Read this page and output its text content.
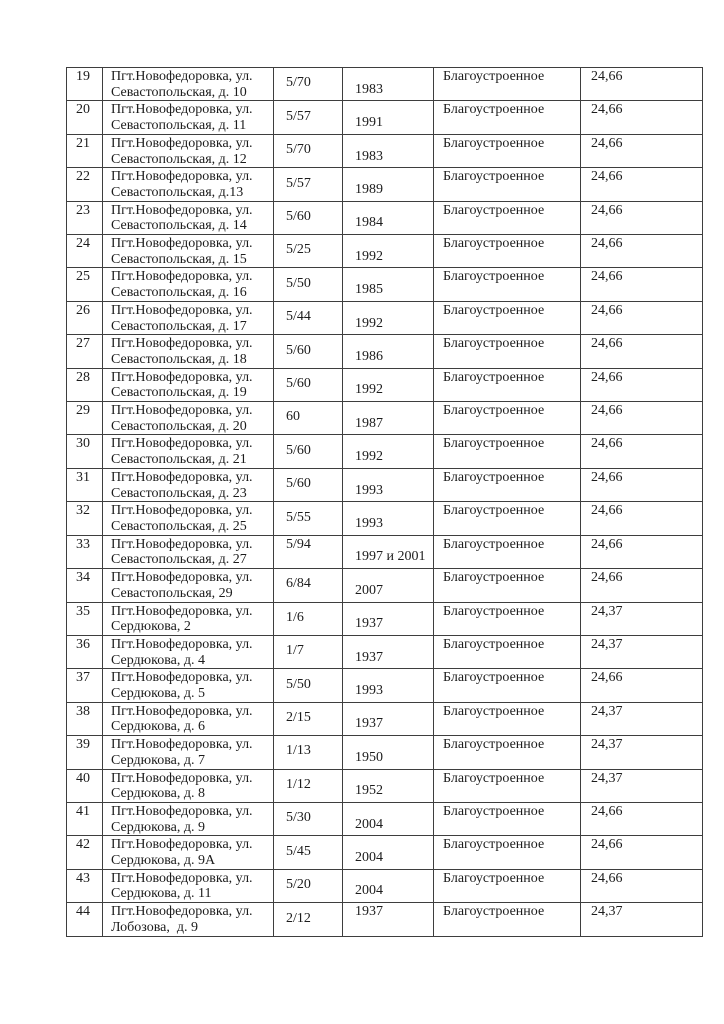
19	Пгт.Новофедоровка, ул.
Севастопольская, д. 10	5/70	1983	Благоустроенное	24,66

20	Пгт.Новофедоровка, ул.
Севастопольская, д. 11	5/57	1991	Благоустроенное	24,66

21	Пгт.Новофедоровка, ул.
Севастопольская, д. 12	5/70	1983	Благоустроенное	24,66

22	Пгт.Новофедоровка, ул.
Севастопольская, д.13	5/57	1989	Благоустроенное	24,66

23	Пгт.Новофедоровка, ул.
Севастопольская, д. 14	5/60	1984	Благоустроенное	24,66

24	Пгт.Новофедоровка, ул.
Севастопольская, д. 15	5/25	1992	Благоустроенное	24,66

25	Пгт.Новофедоровка, ул.
Севастопольская, д. 16	5/50	1985	Благоустроенное	24,66

26	Пгт.Новофедоровка, ул.
Севастопольская, д. 17	5/44	1992	Благоустроенное	24,66

27	Пгт.Новофедоровка, ул.
Севастопольская, д. 18	5/60	1986	Благоустроенное	24,66

28	Пгт.Новофедоровка, ул.
Севастопольская, д. 19	5/60	1992	Благоустроенное	24,66

29	Пгт.Новофедоровка, ул.
Севастопольская, д. 20	60	1987	Благоустроенное	24,66

30	Пгт.Новофедоровка, ул.
Севастопольская, д. 21	5/60	1992	Благоустроенное	24,66

31	Пгт.Новофедоровка, ул.
Севастопольская, д. 23	5/60	1993	Благоустроенное	24,66

32	Пгт.Новофедоровка, ул.
Севастопольская, д. 25	5/55	1993	Благоустроенное	24,66

33	Пгт.Новофедоровка, ул.
Севастопольская, д. 27	5/94	1997 и 2001	Благоустроенное	24,66

34	Пгт.Новофедоровка, ул.
Севастопольская, 29	6/84	2007	Благоустроенное	24,66

35	Пгт.Новофедоровка, ул.
Сердюкова, 2	1/6	1937	Благоустроенное	24,37

36	Пгт.Новофедоровка, ул.
Сердюкова, д. 4	1/7	1937	Благоустроенное	24,37

37	Пгт.Новофедоровка, ул.
Сердюкова, д. 5	5/50	1993	Благоустроенное	24,66

38	Пгт.Новофедоровка, ул.
Сердюкова, д. 6	2/15	1937	Благоустроенное	24,37

39	Пгт.Новофедоровка, ул.
Сердюкова, д. 7	1/13	1950	Благоустроенное	24,37

40	Пгт.Новофедоровка, ул.
Сердюкова, д. 8	1/12	1952	Благоустроенное	24,37

41	Пгт.Новофедоровка, ул.
Сердюкова, д. 9	5/30	2004	Благоустроенное	24,66

42	Пгт.Новофедоровка, ул.
Сердюкова, д. 9А	5/45	2004	Благоустроенное	24,66

43	Пгт.Новофедоровка, ул.
Сердюкова, д. 11	5/20	2004	Благоустроенное	24,66

44	Пгт.Новофедоровка, ул.
Лобозова,  д. 9	2/12	1937	Благоустроенное	24,37
